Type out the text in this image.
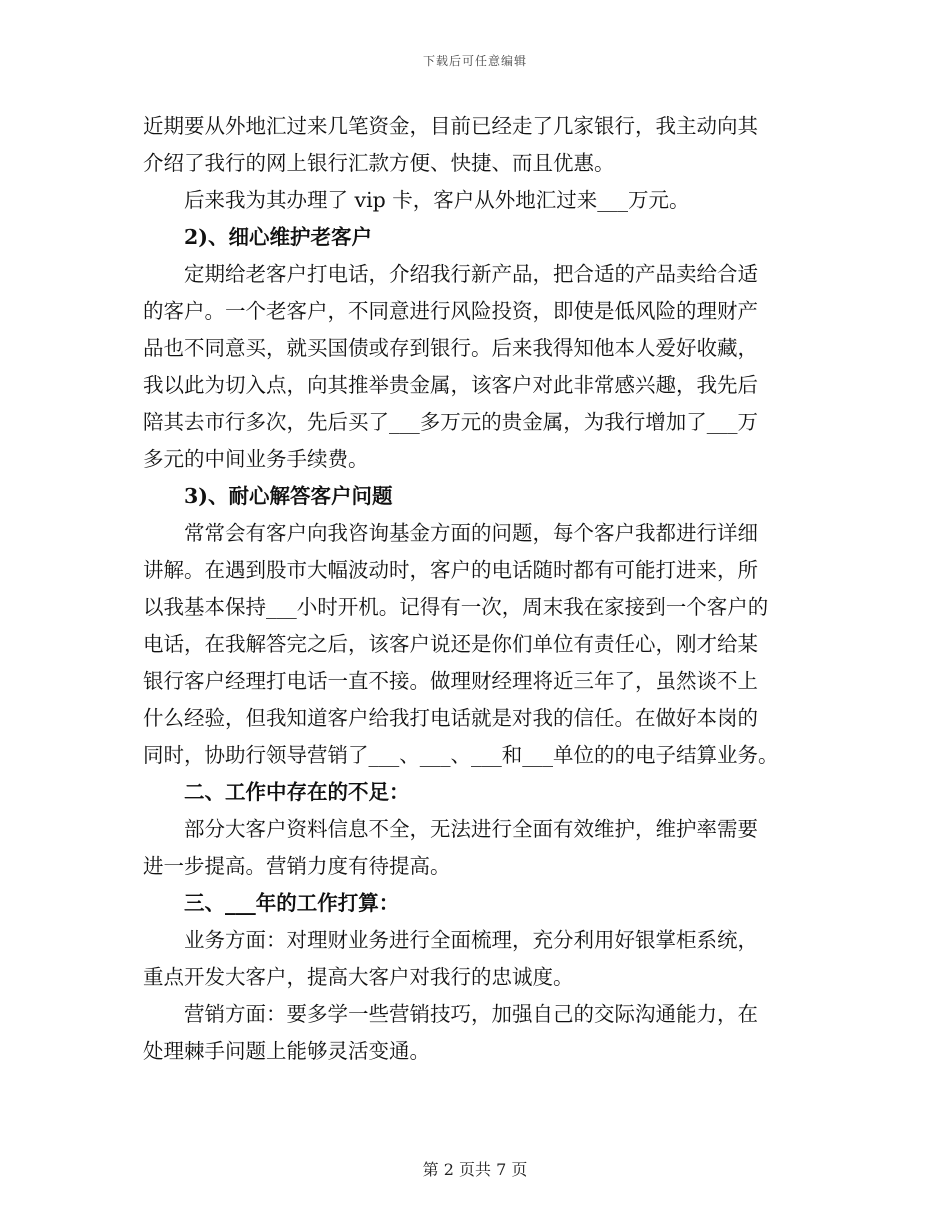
下载后可任意编辑

近期要从外地汇过来几笔资金，目前已经走了几家银行，我主动向其

介绍了我行的网上银行汇款方便、快捷、而且优惠。

后来我为其办理了 vip 卡，客户从外地汇过来___万元。

2)、细心维护老客户

定期给老客户打电话，介绍我行新产品，把合适的产品卖给合适

的客户。一个老客户，不同意进行风险投资，即使是低风险的理财产

品也不同意买，就买国债或存到银行。后来我得知他本人爱好收藏，

我以此为切入点，向其推举贵金属，该客户对此非常感兴趣，我先后

陪其去市行多次，先后买了___多万元的贵金属，为我行增加了___万

多元的中间业务手续费。

3)、耐心解答客户问题

常常会有客户向我咨询基金方面的问题，每个客户我都进行详细

讲解。在遇到股市大幅波动时，客户的电话随时都有可能打进来，所

以我基本保持___小时开机。记得有一次，周末我在家接到一个客户的

电话，在我解答完之后，该客户说还是你们单位有责任心，刚才给某

银行客户经理打电话一直不接。做理财经理将近三年了，虽然谈不上

什么经验，但我知道客户给我打电话就是对我的信任。在做好本岗的

同时，协助行领导营销了___、___、___和___单位的的电子结算业务。

二、工作中存在的不足：

部分大客户资料信息不全，无法进行全面有效维护，维护率需要

进一步提高。营销力度有待提高。

三、___年的工作打算：

业务方面：对理财业务进行全面梳理，充分利用好银掌柜系统，

重点开发大客户，提高大客户对我行的忠诚度。

营销方面：要多学一些营销技巧，加强自己的交际沟通能力，在

处理棘手问题上能够灵活变通。

第 2 页共 7 页
